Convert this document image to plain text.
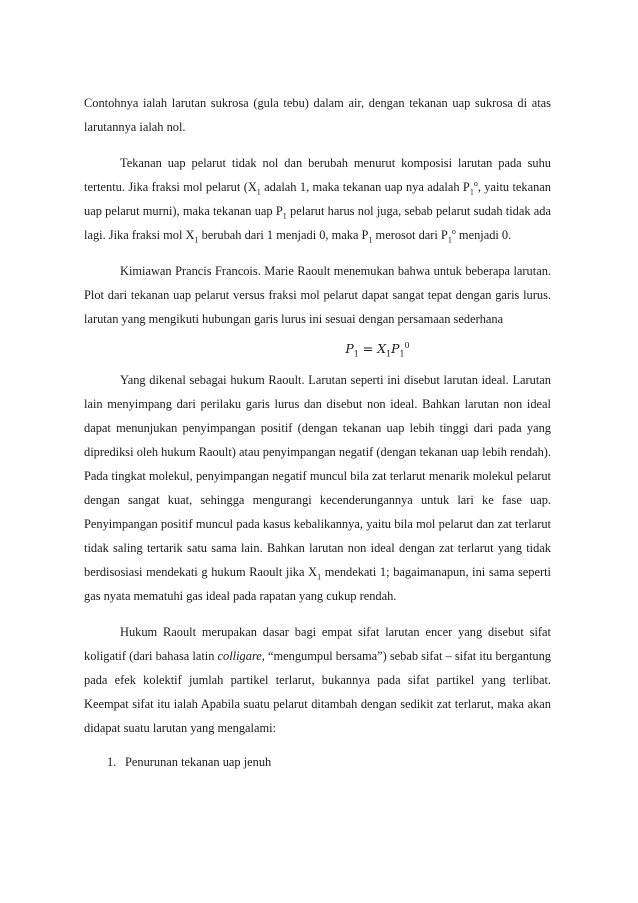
Contohnya ialah larutan sukrosa (gula tebu) dalam air, dengan tekanan uap sukrosa di atas larutannya ialah nol.

Tekanan uap pelarut tidak nol dan berubah menurut komposisi larutan pada suhu tertentu. Jika fraksi mol pelarut ($X_1$ adalah 1, maka tekanan uap nya adalah $P_1^o$, yaitu tekanan uap pelarut murni), maka tekanan uap $P_1$ pelarut harus nol juga, sebab pelarut sudah tidak ada lagi. Jika fraksi mol $X_1$ berubah dari 1 menjadi 0, maka $P_1$ merosot dari $P_1^o$ menjadi 0.

Kimiawan Prancis Francois. Marie Raoult menemukan bahwa untuk beberapa larutan. Plot dari tekanan uap pelarut versus fraksi mol pelarut dapat sangat tepat dengan garis lurus. larutan yang mengikuti hubungan garis lurus ini sesuai dengan persamaan sederhana

$P_1 = X_1P_1^0$

Yang dikenal sebagai hukum Raoult. Larutan seperti ini disebut larutan ideal. Larutan lain menyimpang dari perilaku garis lurus dan disebut non ideal. Bahkan larutan non ideal dapat menunjukan penyimpangan positif (dengan tekanan uap lebih tinggi dari pada yang diprediksi oleh hukum Raoult) atau penyimpangan negatif (dengan tekanan uap lebih rendah). Pada tingkat molekul, penyimpangan negatif muncul bila zat terlarut menarik molekul pelarut dengan sangat kuat, sehingga mengurangi kecenderungannya untuk lari ke fase uap. Penyimpangan positif muncul pada kasus kebalikannya, yaitu bila mol pelarut dan zat terlarut tidak saling tertarik satu sama lain. Bahkan larutan non ideal dengan zat terlarut yang tidak berdisosiasi mendekati g hukum Raoult jika $X_1$ mendekati 1; bagaimanapun, ini sama seperti gas nyata mematuhi gas ideal pada rapatan yang cukup rendah.

Hukum Raoult merupakan dasar bagi empat sifat larutan encer yang disebut sifat koligatif (dari bahasa latin colligare, “mengumpul bersama”) sebab sifat – sifat itu bergantung pada efek kolektif jumlah partikel terlarut, bukannya pada sifat partikel yang terlibat. Keempat sifat itu ialah Apabila suatu pelarut ditambah dengan sedikit zat terlarut, maka akan didapat suatu larutan yang mengalami:

1. Penurunan tekanan uap jenuh
